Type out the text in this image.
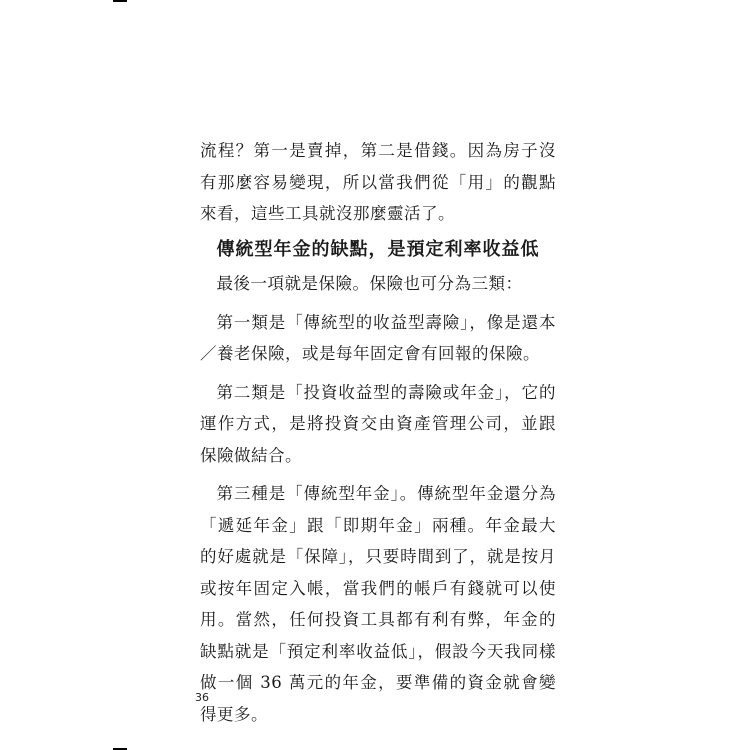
流程？第一是賣掉，第二是借錢。因為房子沒有那麼容易變現，所以當我們從「用」的觀點來看，這些工具就沒那麼靈活了。

傳統型年金的缺點，是預定利率收益低

最後一項就是保險。保險也可分為三類：

第一類是「傳統型的收益型壽險」，像是還本／養老保險，或是每年固定會有回報的保險。

第二類是「投資收益型的壽險或年金」，它的運作方式，是將投資交由資產管理公司，並跟保險做結合。

第三種是「傳統型年金」。傳統型年金還分為「遞延年金」跟「即期年金」兩種。年金最大的好處就是「保障」，只要時間到了，就是按月或按年固定入帳，當我們的帳戶有錢就可以使用。當然，任何投資工具都有利有弊，年金的缺點就是「預定利率收益低」，假設今天我同樣做一個 36 萬元的年金，要準備的資金就會變得更多。

36
